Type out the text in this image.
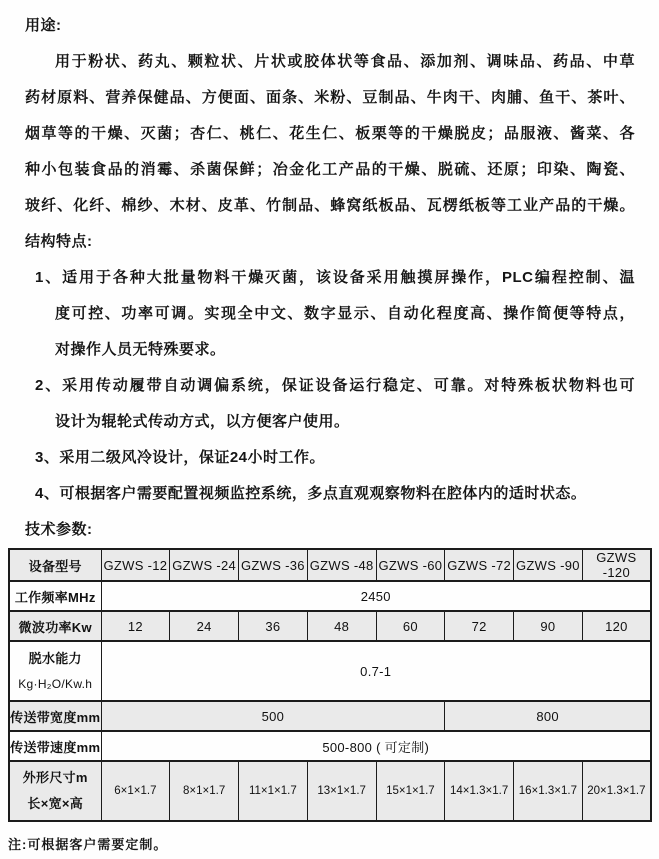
用途:
用于粉状、药丸、颗粒状、片状或胶体状等食品、添加剂、调味品、药品、中草
药材原料、营养保健品、方便面、面条、米粉、豆制品、牛肉干、肉脯、鱼干、茶叶、
烟草等的干燥、灭菌；杏仁、桃仁、花生仁、板栗等的干燥脱皮；品服液、酱菜、各
种小包装食品的消霉、杀菌保鲜；冶金化工产品的干燥、脱硫、还原；印染、陶瓷、
玻纤、化纤、棉纱、木材、皮革、竹制品、蜂窝纸板品、瓦楞纸板等工业产品的干燥。
结构特点:
1、适用于各种大批量物料干燥灭菌，该设备采用触摸屏操作，PLC编程控制、温
度可控、功率可调。实现全中文、数字显示、自动化程度高、操作简便等特点，
对操作人员无特殊要求。
2、采用传动履带自动调偏系统，保证设备运行稳定、可靠。对特殊板状物料也可
设计为辊轮式传动方式，以方便客户使用。
3、采用二级风冷设计，保证24小时工作。
4、可根据客户需要配置视频监控系统，多点直观观察物料在腔体内的适时状态。
技术参数:
设备型号	GZWS -12	GZWS -24	GZWS -36	GZWS -48	GZWS -60	GZWS -72	GZWS -90	GZWS -120
工作频率MHz	2450							
微波功率Kw	12	24	36	48	60	72	90	120

脱水能力
Kg·H₂O/Kw.h	0.7-1							
传送带宽度mm	500					800		
传送带速度mm	500-800 ( 可定制)							

外形尺寸m
长×宽×高	6×1×1.7	8×1×1.7	11×1×1.7	13×1×1.7	15×1×1.7	14×1.3×1.7	16×1.3×1.7	20×1.3×1.7
注:可根据客户需要定制。
